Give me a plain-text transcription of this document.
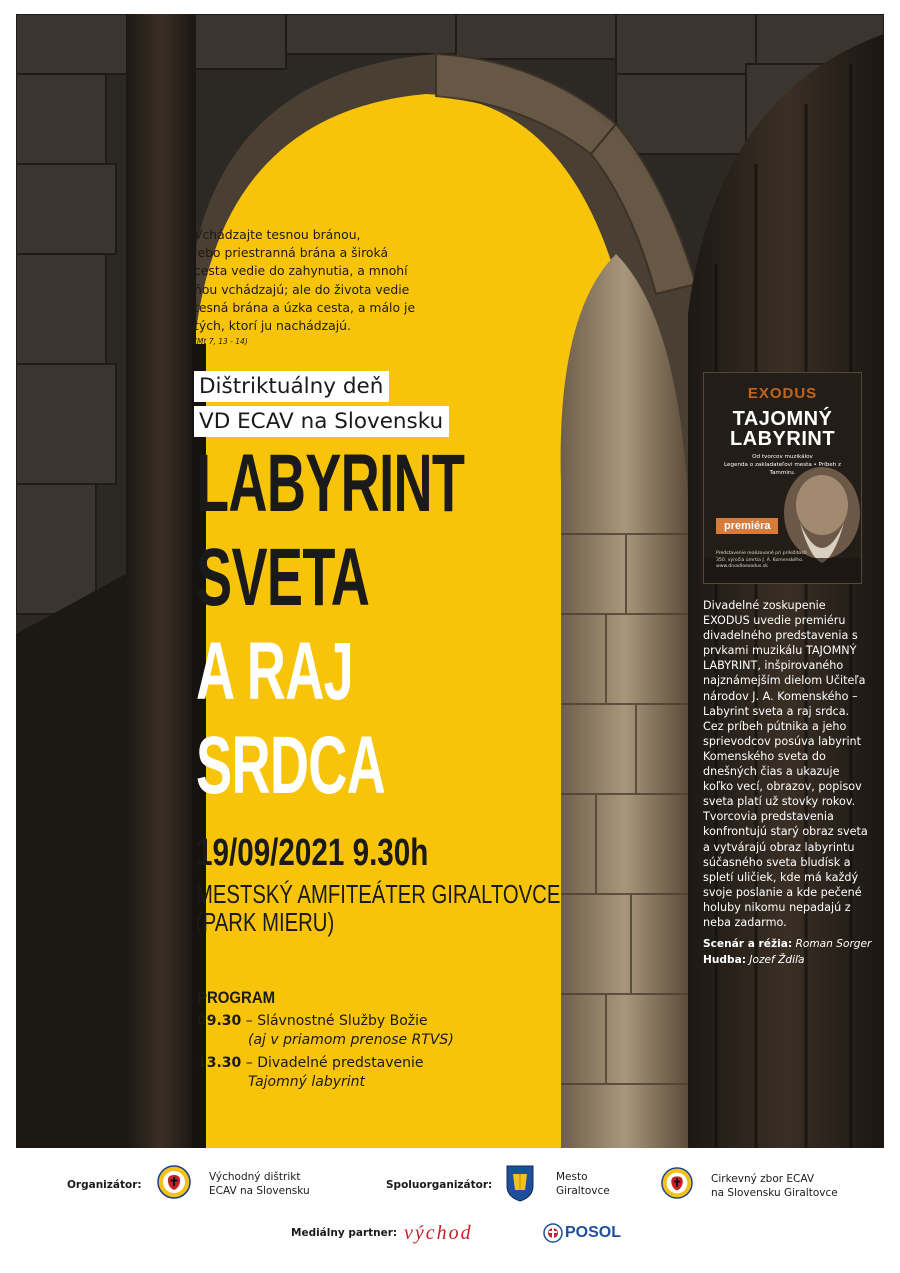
Vchádzajte tesnou bránou,
lebo priestranná brána a široká
cesta vedie do zahynutia, a mnohí
ňou vchádzajú; ale do života vedie
tesná brána a úzka cesta, a málo je
tých, ktorí ju nachádzajú.
(Mt 7, 13 - 14)
Dištriktuálny deň
VD ECAV na Slovensku
LABYRINT
SVETA
A RAJ
SRDCA
19/09/2021 9.30h
MESTSKÝ AMFITEÁTER GIRALTOVCE
(PARK MIERU)
PROGRAM
09.30 – Slávnostné Služby Božie
(aj v priamom prenose RTVS)
13.30 – Divadelné predstavenie
Tajomný labyrint
EXODUS
TAJOMNÝ
LABYRINT
Od tvorcov muzikálov
Legenda o zakladateľovi mesta • Príbeh z Tammiru.
premiéra
Predstavenie realizované pri príležitosti
350. výročia úmrtia J. A. Komenského.
www.divadloexodus.sk
Divadelné zoskupenie EXODUS uvedie premiéru divadelného predstavenia s prvkami muzikálu TAJOMNÝ LABYRINT, inšpirovaného najznámejším dielom Učiteľa národov J. A. Komenského – Labyrint sveta a raj srdca. Cez príbeh pútnika a jeho sprievodcov posúva labyrint Komenského sveta do dnešných čias a ukazuje koľko vecí, obrazov, popisov sveta platí už stovky rokov. Tvorcovia predstavenia konfrontujú starý obraz sveta a vytvárajú obraz labyrintu súčasného sveta bludísk a spletí uličiek, kde má každý svoje poslanie a kde pečené holuby nikomu nepadajú z neba zadarmo.
Scenár a réžia: Roman Sorger
Hudba: Jozef Ždiľa
Organizátor:
Východný dištrikt
ECAV na Slovensku	Spoluorganizátor:
Mesto
Giraltovce
Cirkevný zbor ECAV
na Slovensku Giraltovce
Mediálny partner: východ	POSOL
